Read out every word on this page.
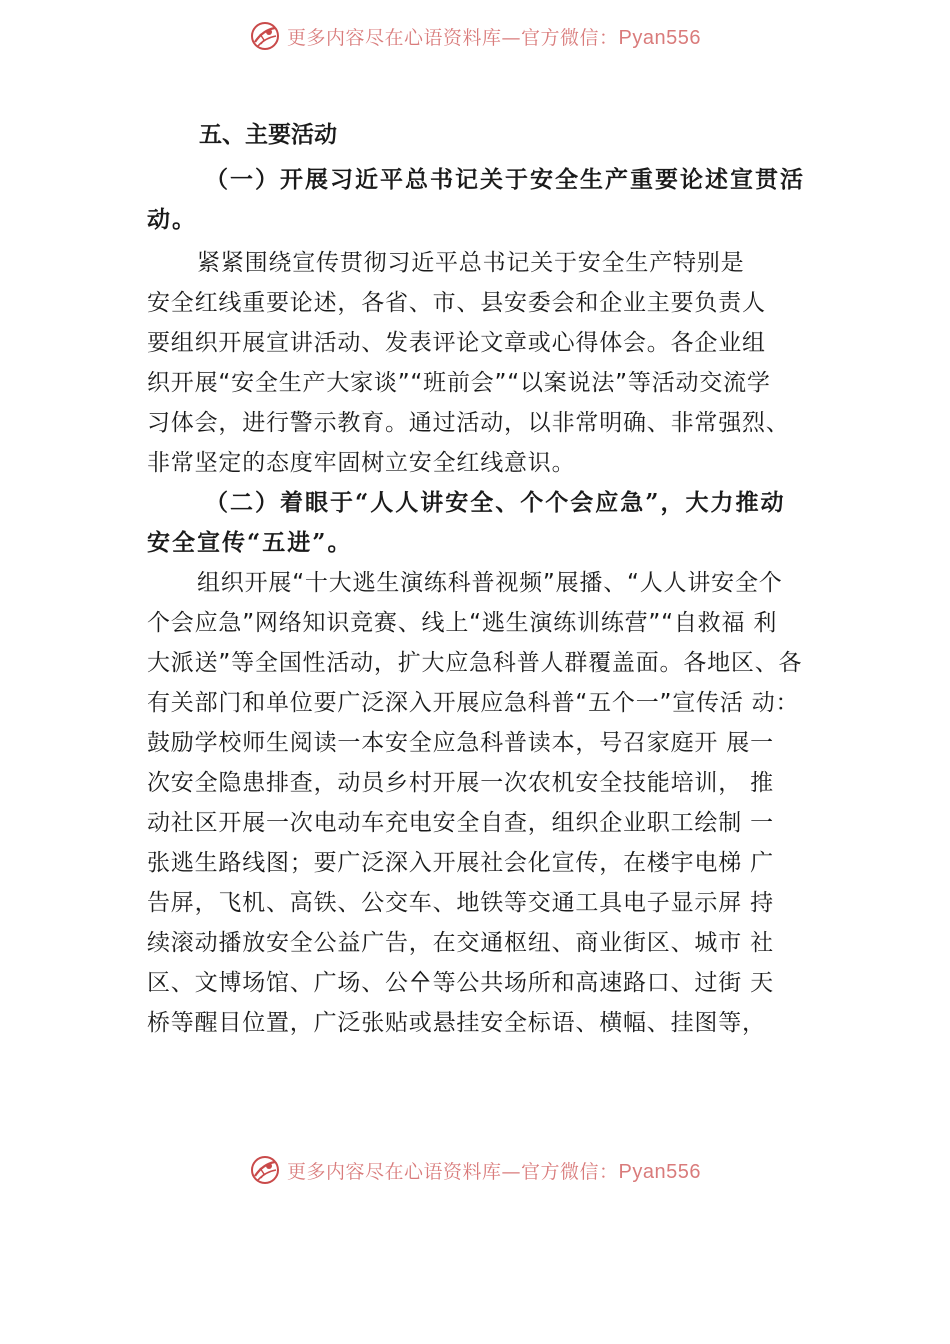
更多内容尽在心语资料库—官方微信：Pyan556
五、主要活动
（一）开展习近平总书记关于安全生产重要论述宣贯活
动。
紧紧围绕宣传贯彻习近平总书记关于安全生产特别是
安全红线重要论述，各省、市、县安委会和企业主要负责人
要组织开展宣讲活动、发表评论文章或心得体会。各企业组
织开展“安全生产大家谈”“班前会”“以案说法”等活动交流学
习体会，进行警示教育。通过活动，以非常明确、非常强烈、
非常坚定的态度牢固树立安全红线意识。
（二）着眼于“人人讲安全、个个会应急”，大力推动
安全宣传“五进”。
组织开展“十大逃生演练科普视频”展播、“人人讲安全个
个会应急”网络知识竞赛、线上“逃生演练训练营”“自救福 利
大派送”等全国性活动，扩大应急科普人群覆盖面。各地区、各
有关部门和单位要广泛深入开展应急科普“五个一”宣传活 动：
鼓励学校师生阅读一本安全应急科普读本，号召家庭开 展一
次安全隐患排查，动员乡村开展一次农机安全技能培训， 推
动社区开展一次电动车充电安全自查，组织企业职工绘制 一
张逃生路线图；要广泛深入开展社会化宣传，在楼宇电梯 广
告屏，飞机、高铁、公交车、地铁等交通工具电子显示屏 持
续滚动播放安全公益广告，在交通枢纽、商业街区、城市 社
区、文博场馆、广场、公㐃等公共场所和高速路口、过街 天
桥等醒目位置，广泛张贴或悬挂安全标语、横幅、挂图等，
更多内容尽在心语资料库—官方微信：Pyan556
